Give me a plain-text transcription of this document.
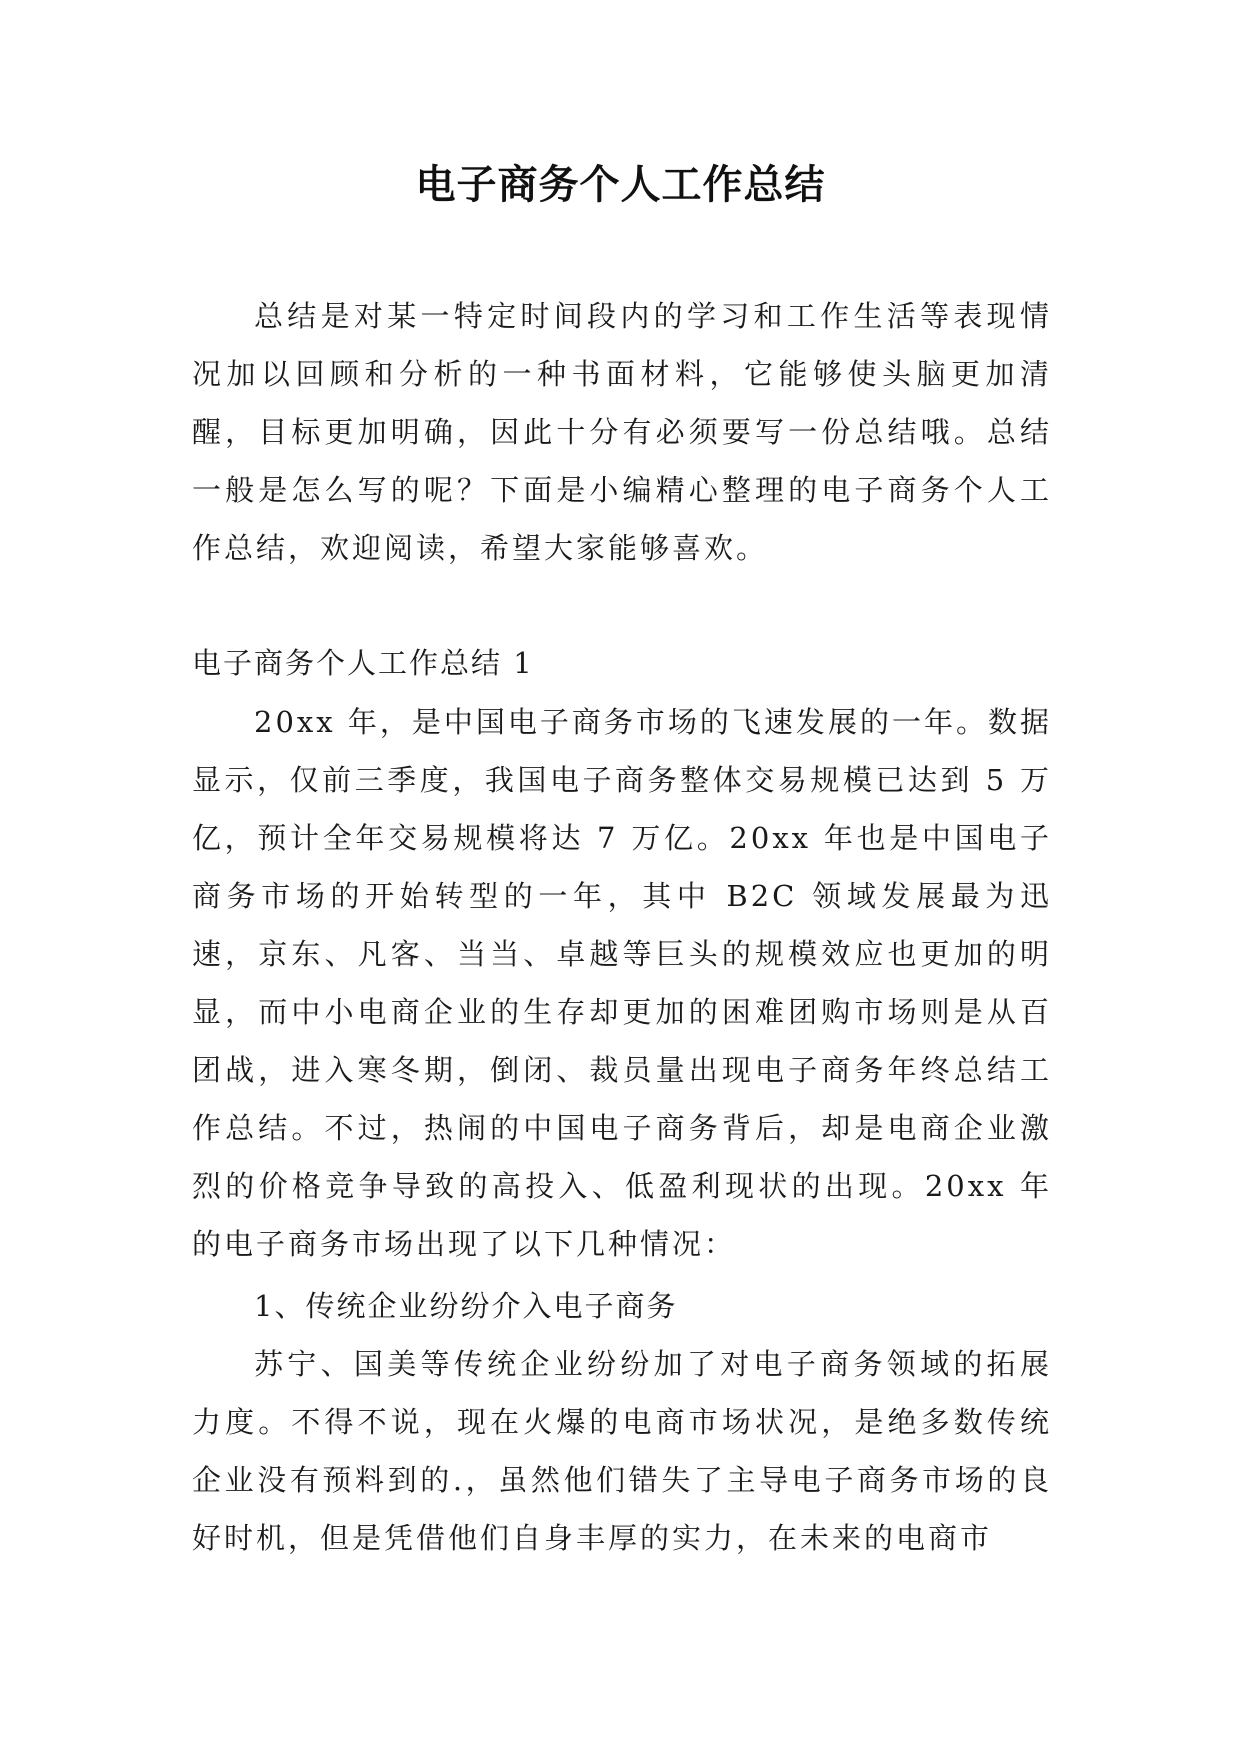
电子商务个人工作总结

总结是对某一特定时间段内的学习和工作生活等表现情况加以回顾和分析的一种书面材料，它能够使头脑更加清醒，目标更加明确，因此十分有必须要写一份总结哦。总结一般是怎么写的呢？下面是小编精心整理的电子商务个人工作总结，欢迎阅读，希望大家能够喜欢。

电子商务个人工作总结 1

20xx 年，是中国电子商务市场的飞速发展的一年。数据显示，仅前三季度，我国电子商务整体交易规模已达到 5 万亿，预计全年交易规模将达 7 万亿。20xx 年也是中国电子商务市场的开始转型的一年，其中 B2C 领域发展最为迅速，京东、凡客、当当、卓越等巨头的规模效应也更加的明显，而中小电商企业的生存却更加的困难团购市场则是从百团战，进入寒冬期，倒闭、裁员量出现电子商务年终总结工作总结。不过，热闹的中国电子商务背后，却是电商企业激烈的价格竞争导致的高投入、低盈利现状的出现。20xx 年的电子商务市场出现了以下几种情况：

1、传统企业纷纷介入电子商务

苏宁、国美等传统企业纷纷加了对电子商务领域的拓展力度。不得不说，现在火爆的电商市场状况，是绝多数传统企业没有预料到的.，虽然他们错失了主导电子商务市场的良好时机，但是凭借他们自身丰厚的实力，在未来的电商市
